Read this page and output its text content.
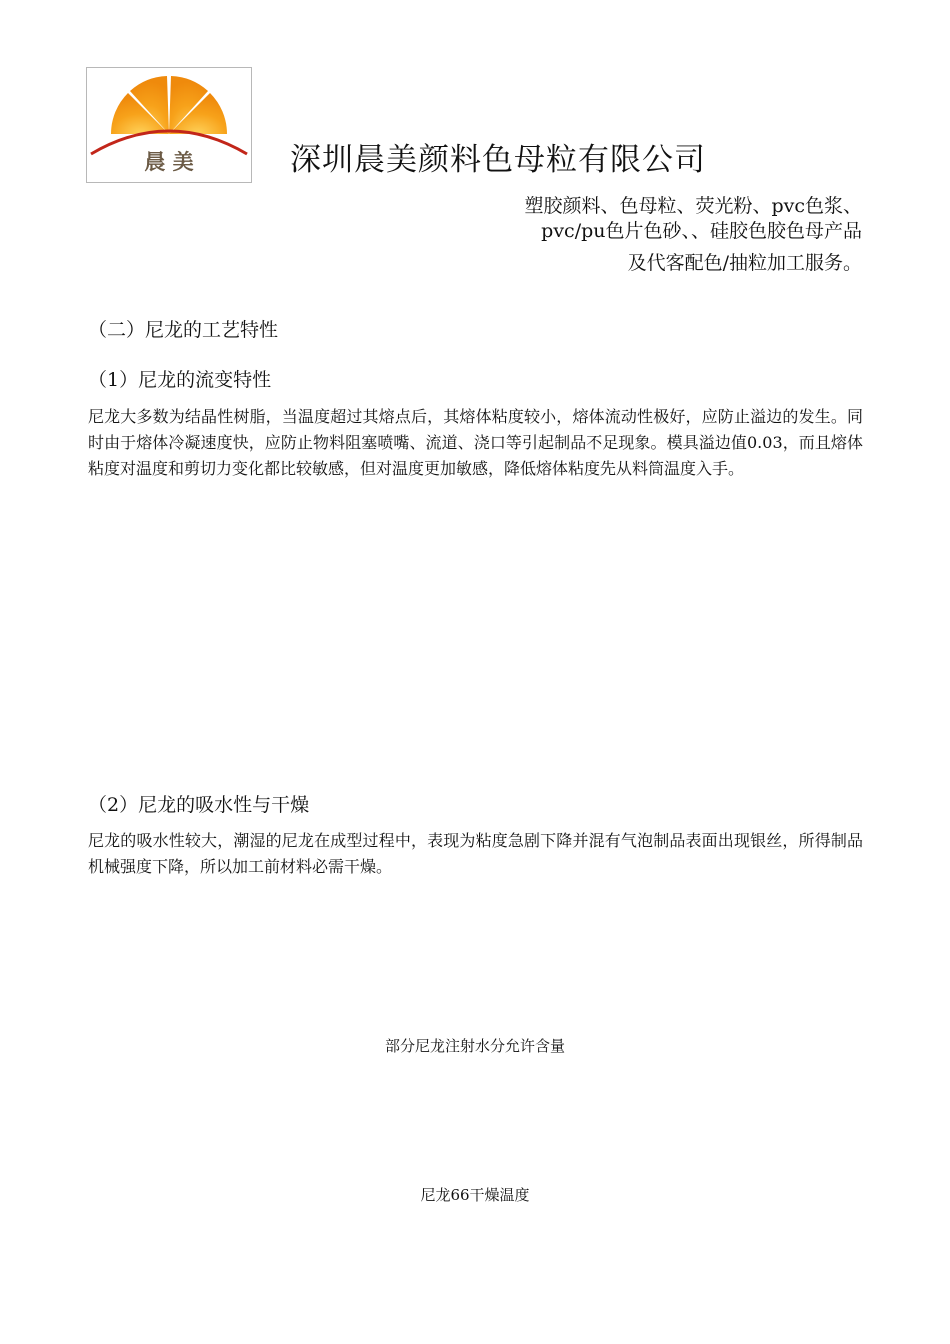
晨 美	深圳晨美颜料色母粒有限公司
塑胶颜料、色母粒、荧光粉、pvc色浆、
pvc/pu色片色砂、、硅胶色胶色母产品
及代客配色/抽粒加工服务。
（二）尼龙的工艺特性
（1）尼龙的流变特性

尼龙大多数为结晶性树脂，当温度超过其熔点后，其熔体粘度较小，熔体流动性极好，应防止溢边的发生。同时由于熔体冷凝速度快，应防止物料阻塞喷嘴、流道、浇口等引起制品不足现象。模具溢边值0.03，而且熔体粘度对温度和剪切力变化都比较敏感，但对温度更加敏感，降低熔体粘度先从料筒温度入手。

（2）尼龙的吸水性与干燥

尼龙的吸水性较大，潮湿的尼龙在成型过程中，表现为粘度急剧下降并混有气泡制品表面出现银丝，所得制品机械强度下降，所以加工前材料必需干燥。

部分尼龙注射水分允许含量
尼龙66干燥温度
